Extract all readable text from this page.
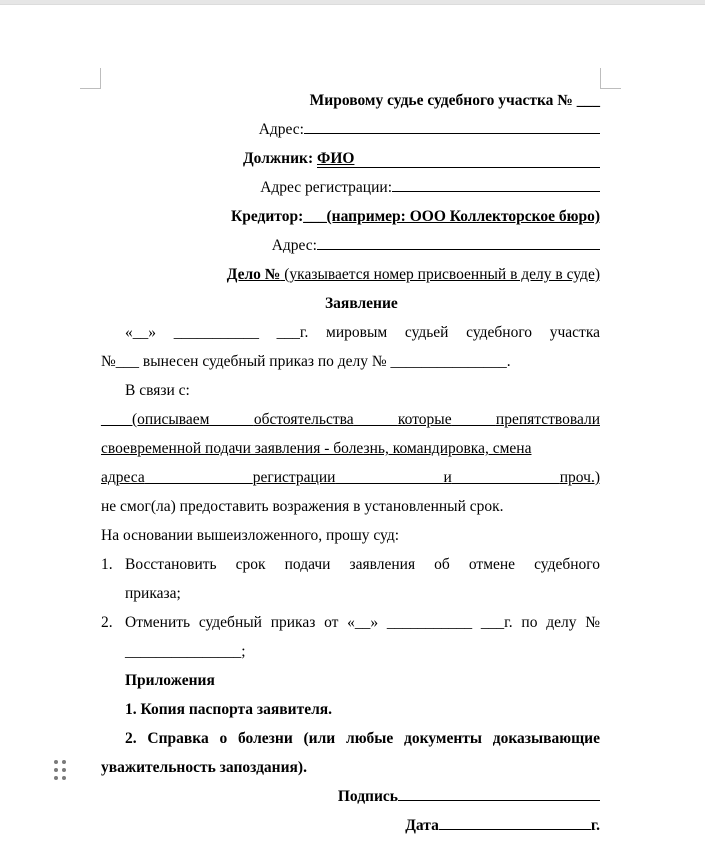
Мировому судье судебного участка № ___
Адрес:
Должник: ФИО
Адрес регистрации:
Кредитор:___(например: ООО Коллекторское бюро)
Адрес:
Дело № (указывается номер присвоенный в делу в суде)
Заявление
«__» ___________ ___г. мировым судьей судебного участка
№___ вынесен судебный приказ по делу № _______________.
В связи с:
____(описываем	обстоятельства	которые	препятствовали
своевременной подачи заявления - болезнь, командировка, смена
адреса	регистрации	и	проч.)
не смог(ла) предоставить возражения в установленный срок.
На основании вышеизложенного, прошу суд:
1. Восстановить срок подачи заявления об отмене судебного
приказа;
2. Отменить судебный приказ от «__» ___________ ___г. по делу №
_______________;
Приложения
1. Копия паспорта заявителя.
2. Справка о болезни (или любые документы доказывающие
уважительность запоздания).
Подпись
Дата	г.
